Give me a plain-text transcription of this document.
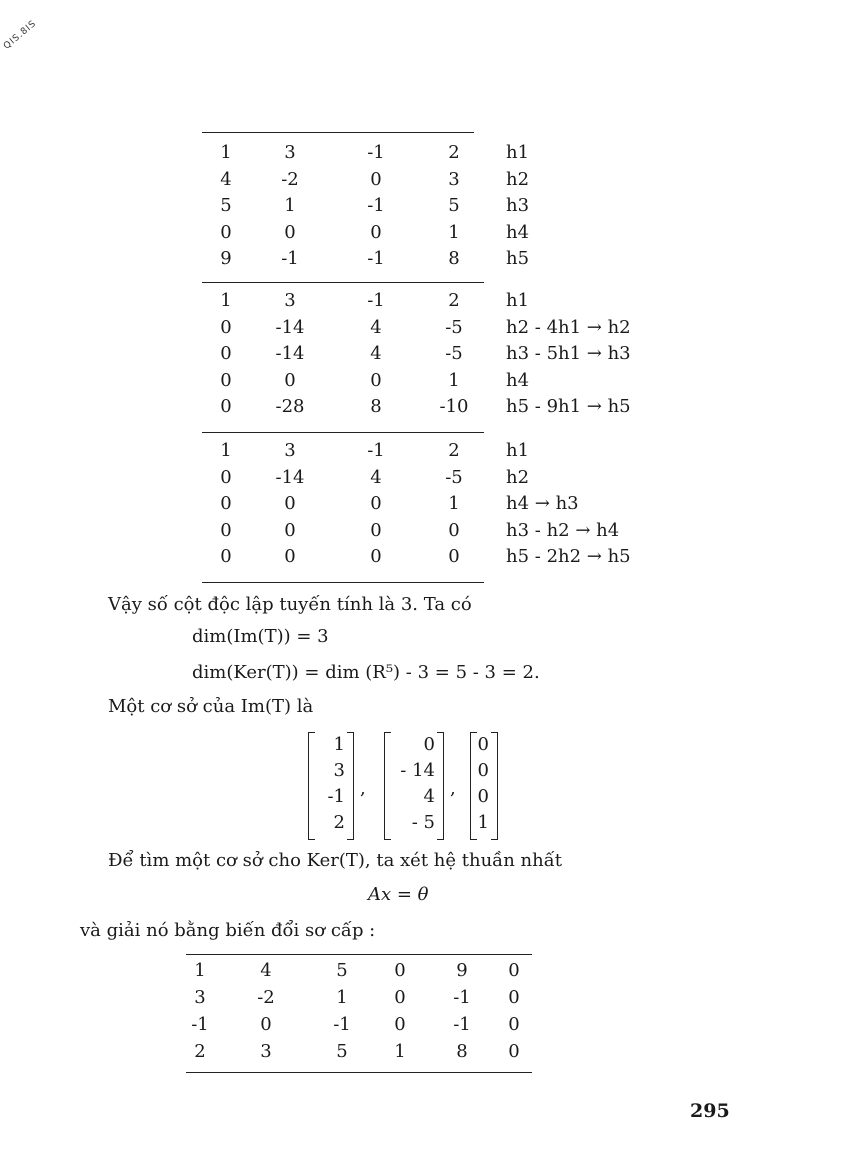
QIS.8IS
1	3	-1	2	h1
4	-2	0	3	h2
5	1	-1	5	h3
0	0	0	1	h4
9	-1	-1	8	h5
1	3	-1	2	h1
0	-14	4	-5	h2 - 4h1 → h2
0	-14	4	-5	h3 - 5h1 → h3
0	0	0	1	h4
0	-28	8	-10	h5 - 9h1 → h5
1	3	-1	2	h1
0	-14	4	-5	h2
0	0	0	1	h4 → h3
0	0	0	0	h3 - h2 → h4
0	0	0	0	h5 - 2h2 → h5
Vậy số cột độc lập tuyến tính là 3. Ta có
dim(Im(T)) = 3
dim(Ker(T)) = dim (R⁵) - 3 = 5 - 3 = 2.
Một cơ sở của Im(T) là
1
3
-1
2
,
0
- 14
4
- 5
,
0
0
0
1
Để tìm một cơ sở cho Ker(T), ta xét hệ thuần nhất
Ax = θ
và giải nó bằng biến đổi sơ cấp :
1	4	5	0	9	0
3	-2	1	0	-1	0
-1	0	-1	0	-1	0
2	3	5	1	8	0
295
